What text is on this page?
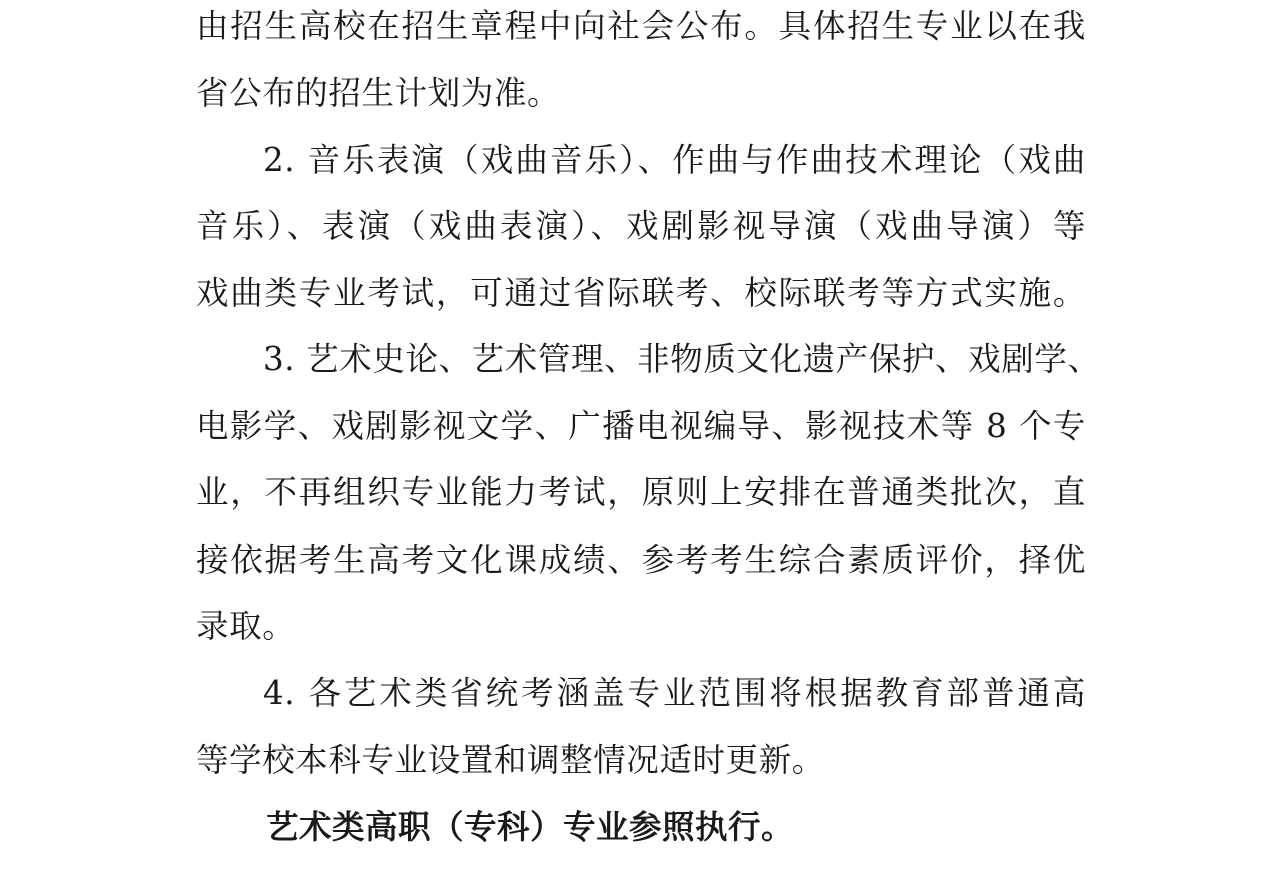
由招生高校在招生章程中向社会公布。具体招生专业以在我
省公布的招生计划为准。
2. 音乐表演（戏曲音乐）、作曲与作曲技术理论（戏曲
音乐）、表演（戏曲表演）、戏剧影视导演（戏曲导演）等
戏曲类专业考试，可通过省际联考、校际联考等方式实施。
3. 艺术史论、艺术管理、非物质文化遗产保护、戏剧学、
电影学、戏剧影视文学、广播电视编导、影视技术等 8 个专
业，不再组织专业能力考试，原则上安排在普通类批次，直
接依据考生高考文化课成绩、参考考生综合素质评价，择优
录取。
4. 各艺术类省统考涵盖专业范围将根据教育部普通高
等学校本科专业设置和调整情况适时更新。
艺术类高职（专科）专业参照执行。
